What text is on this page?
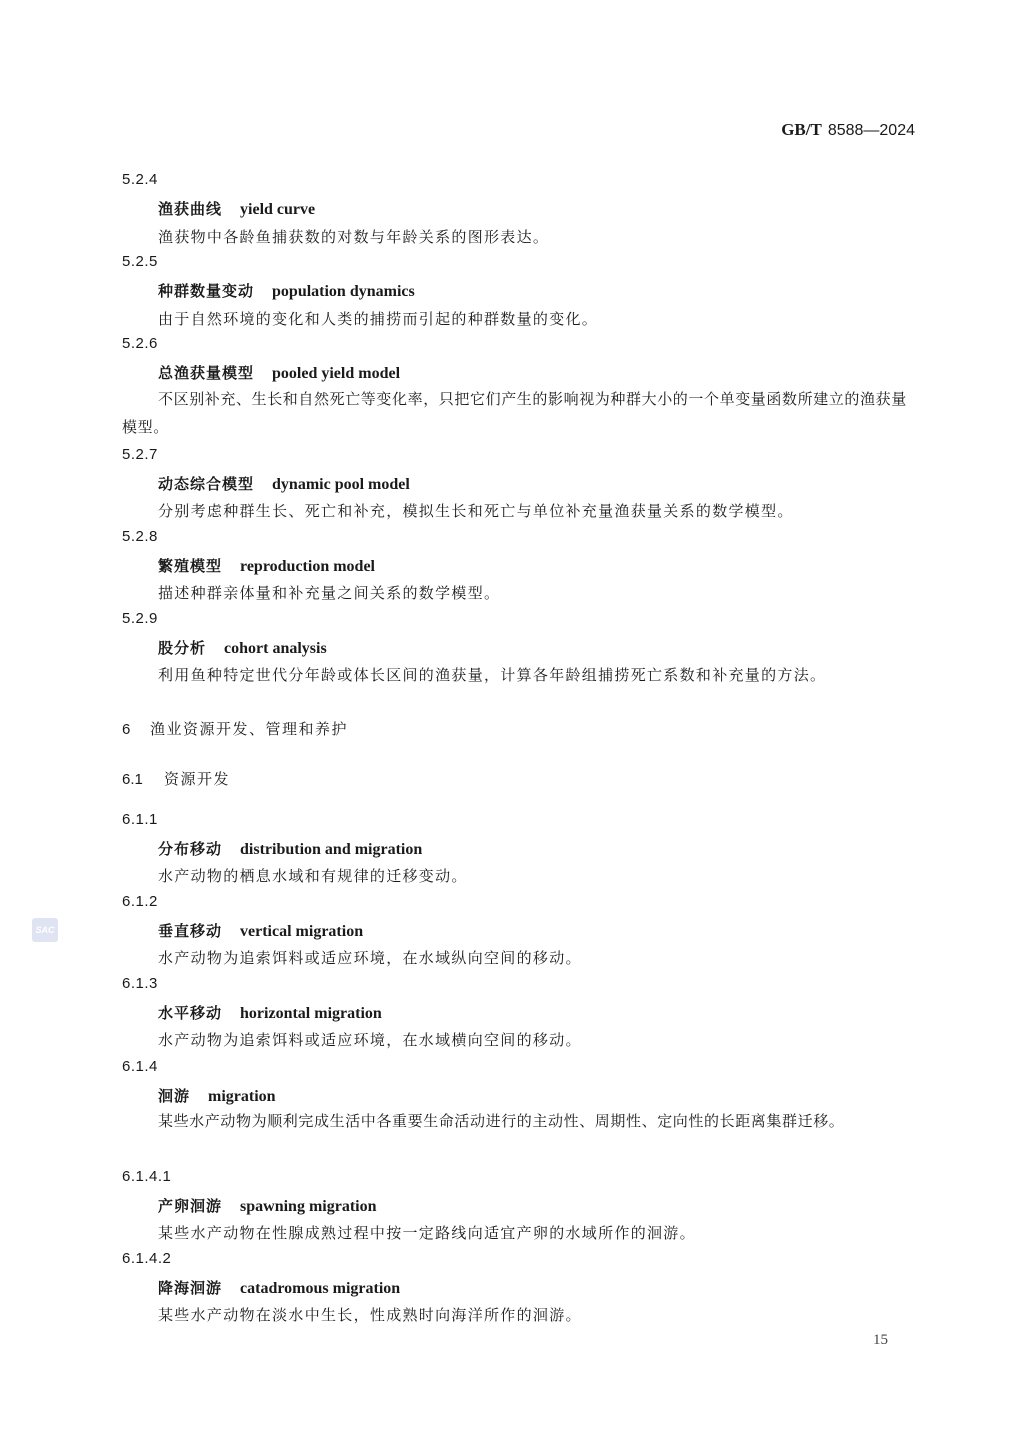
GB/T 8588—2024
5.2.4
渔获曲线 yield curve
渔获物中各龄鱼捕获数的对数与年龄关系的图形表达。
5.2.5
种群数量变动 population dynamics
由于自然环境的变化和人类的捕捞而引起的种群数量的变化。
5.2.6
总渔获量模型 pooled yield model
不区别补充、生长和自然死亡等变化率，只把它们产生的影响视为种群大小的一个单变量函数所建立的渔获量模型。
5.2.7
动态综合模型 dynamic pool model
分别考虑种群生长、死亡和补充，模拟生长和死亡与单位补充量渔获量关系的数学模型。
5.2.8
繁殖模型 reproduction model
描述种群亲体量和补充量之间关系的数学模型。
5.2.9
股分析 cohort analysis
利用鱼种特定世代分年龄或体长区间的渔获量，计算各年龄组捕捞死亡系数和补充量的方法。
6 渔业资源开发、管理和养护
6.1 资源开发
6.1.1
分布移动 distribution and migration
水产动物的栖息水域和有规律的迁移变动。
6.1.2
垂直移动 vertical migration
水产动物为追索饵料或适应环境，在水域纵向空间的移动。
6.1.3
水平移动 horizontal migration
水产动物为追索饵料或适应环境，在水域横向空间的移动。
6.1.4
洄游 migration
某些水产动物为顺利完成生活中各重要生命活动进行的主动性、周期性、定向性的长距离集群迁移。
6.1.4.1
产卵洄游 spawning migration
某些水产动物在性腺成熟过程中按一定路线向适宜产卵的水域所作的洄游。
6.1.4.2
降海洄游 catadromous migration
某些水产动物在淡水中生长，性成熟时向海洋所作的洄游。
SAC
15
